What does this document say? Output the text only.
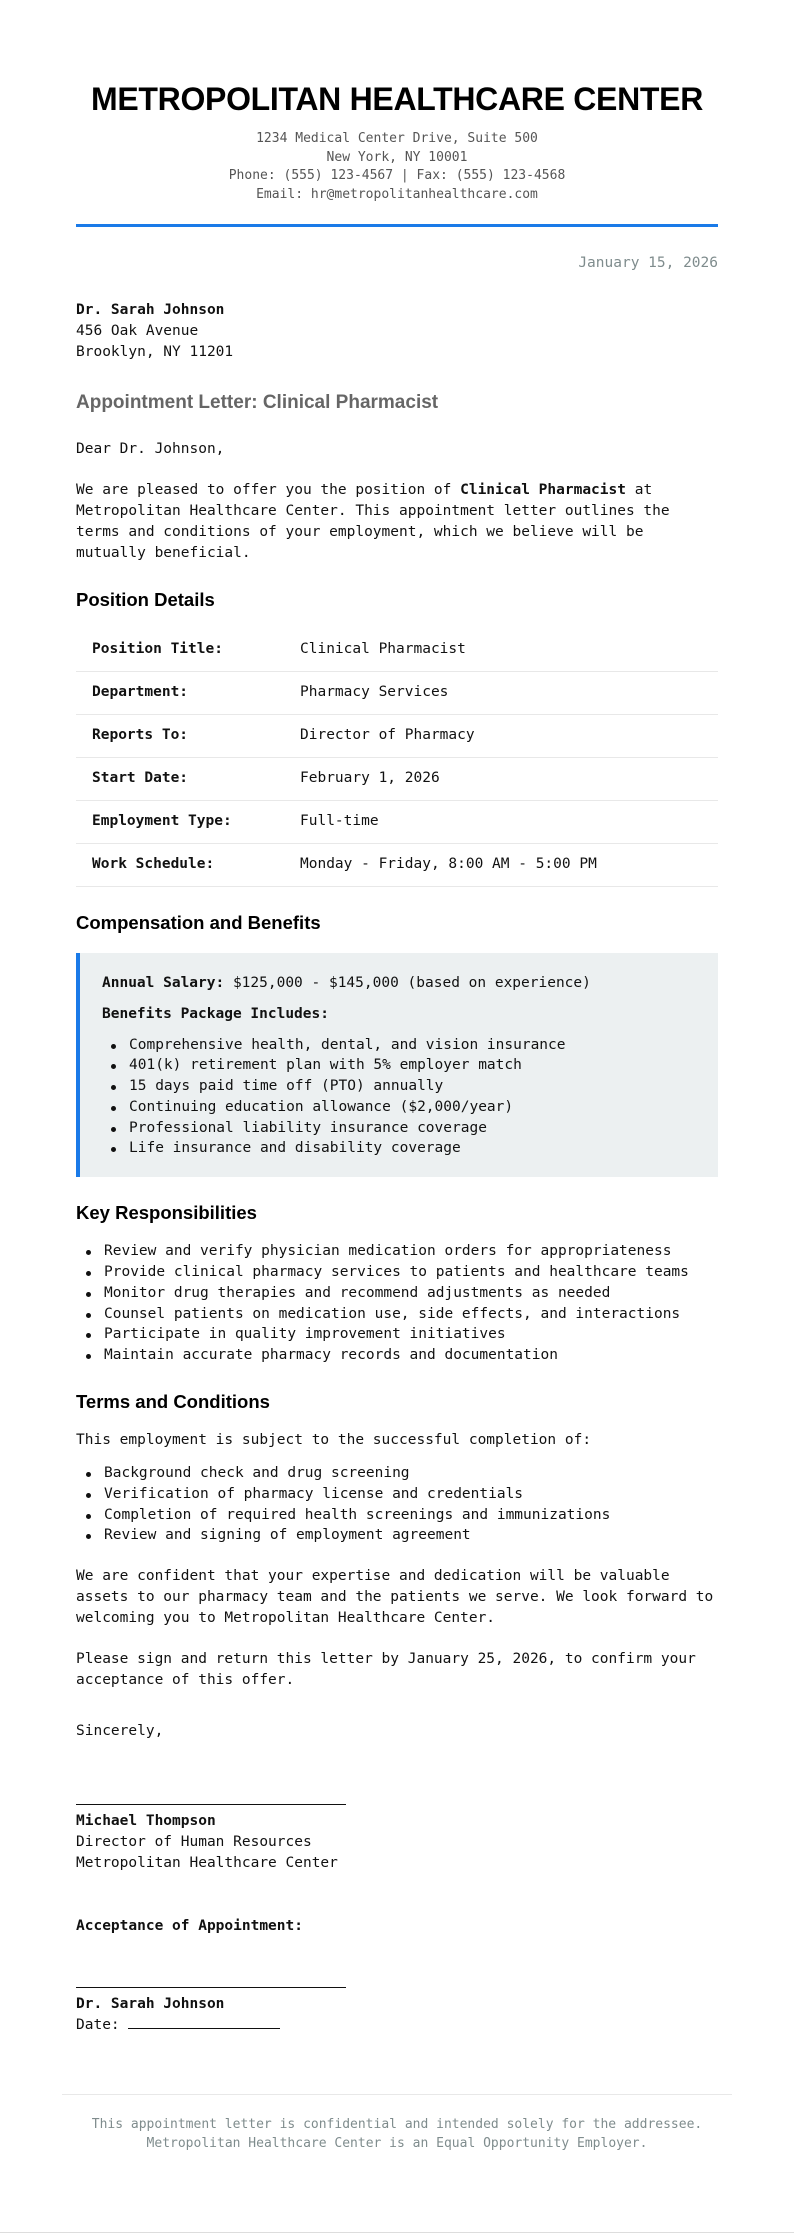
METROPOLITAN HEALTHCARE CENTER
1234 Medical Center Drive, Suite 500
New York, NY 10001
Phone: (555) 123-4567 | Fax: (555) 123-4568
Email: hr@metropolitanhealthcare.com
January 15, 2026
Dr. Sarah Johnson
456 Oak Avenue
Brooklyn, NY 11201
Appointment Letter: Clinical Pharmacist

Dear Dr. Johnson,

We are pleased to offer you the position of Clinical Pharmacist at Metropolitan Healthcare Center. This appointment letter outlines the terms and conditions of your employment, which we believe will be mutually beneficial.

Position Details
Position Title:	Clinical Pharmacist
Department:	Pharmacy Services
Reports To:	Director of Pharmacy
Start Date:	February 1, 2026
Employment Type:	Full-time
Work Schedule:	Monday - Friday, 8:00 AM - 5:00 PM
Compensation and Benefits
Annual Salary: $125,000 - $145,000 (based on experience)
Benefits Package Includes:
Comprehensive health, dental, and vision insurance
401(k) retirement plan with 5% employer match
15 days paid time off (PTO) annually
Continuing education allowance ($2,000/year)
Professional liability insurance coverage
Life insurance and disability coverage
Key Responsibilities
Review and verify physician medication orders for appropriateness
Provide clinical pharmacy services to patients and healthcare teams
Monitor drug therapies and recommend adjustments as needed
Counsel patients on medication use, side effects, and interactions
Participate in quality improvement initiatives
Maintain accurate pharmacy records and documentation
Terms and Conditions

This employment is subject to the successful completion of:

Background check and drug screening
Verification of pharmacy license and credentials
Completion of required health screenings and immunizations
Review and signing of employment agreement

We are confident that your expertise and dedication will be valuable assets to our pharmacy team and the patients we serve. We look forward to welcoming you to Metropolitan Healthcare Center.

Please sign and return this letter by January 25, 2026, to confirm your acceptance of this offer.

Sincerely,

Michael Thompson
Director of Human Resources
Metropolitan Healthcare Center
Acceptance of Appointment:
Dr. Sarah Johnson
Date:
This appointment letter is confidential and intended solely for the addressee.
Metropolitan Healthcare Center is an Equal Opportunity Employer.
